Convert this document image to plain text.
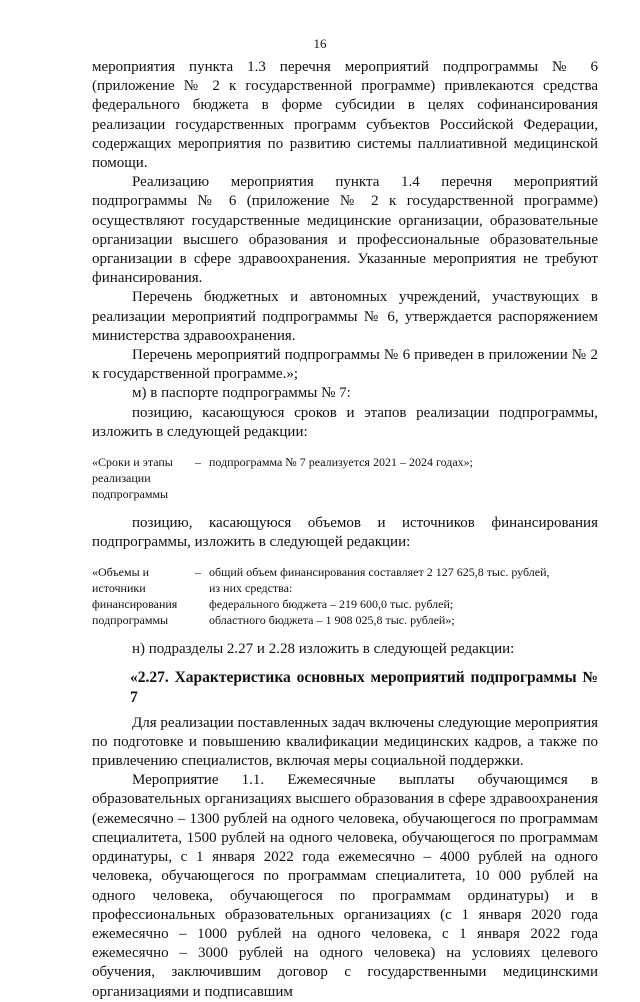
16

мероприятия пункта 1.3 перечня мероприятий подпрограммы № 6 (приложение № 2 к государственной программе) привлекаются средства федерального бюджета в форме субсидии в целях софинансирования реализации государственных программ субъектов Российской Федерации, содержащих мероприятия по развитию системы паллиативной медицинской помощи.

Реализацию мероприятия пункта 1.4 перечня мероприятий подпрограммы № 6 (приложение № 2 к государственной программе) осуществляют государственные медицинские организации, образовательные организации высшего образования и профессиональные образовательные организации в сфере здравоохранения. Указанные мероприятия не требуют финансирования.

Перечень бюджетных и автономных учреждений, участвующих в реализации мероприятий подпрограммы № 6, утверждается распоряжением министерства здравоохранения.

Перечень мероприятий подпрограммы № 6 приведен в приложении № 2 к государственной программе.»;

м) в паспорте подпрограммы № 7:

позицию, касающуюся сроков и этапов реализации подпрограммы, изложить в следующей редакции:

«Сроки и этапы реализации подпрограммы
– подпрограмма № 7 реализуется 2021 – 2024 годах»;

позицию, касающуюся объемов и источников финансирования подпрограммы, изложить в следующей редакции:

«Объемы и источники финансирования подпрограммы
– общий объем финансирования составляет 2 127 625,8 тыс. рублей,
из них средства:
федерального бюджета – 219 600,0 тыс. рублей;
областного бюджета – 1 908 025,8 тыс. рублей»;

н) подразделы 2.27 и 2.28 изложить в следующей редакции:

«2.27. Характеристика основных мероприятий подпрограммы № 7

Для реализации поставленных задач включены следующие мероприятия по подготовке и повышению квалификации медицинских кадров, а также по привлечению специалистов, включая меры социальной поддержки.

Мероприятие 1.1. Ежемесячные выплаты обучающимся в образовательных организациях высшего образования в сфере здравоохранения (ежемесячно – 1300 рублей на одного человека, обучающегося по программам специалитета, 1500 рублей на одного человека, обучающегося по программам ординатуры, с 1 января 2022 года ежемесячно – 4000 рублей на одного человека, обучающегося по программам специалитета, 10 000 рублей на одного человека, обучающегося по программам ординатуры) и в профессиональных образовательных организациях (с 1 января 2020 года ежемесячно – 1000 рублей на одного человека, с 1 января 2022 года ежемесячно – 3000 рублей на одного человека) на условиях целевого обучения, заключившим договор с государственными медицинскими организациями и подписавшим
